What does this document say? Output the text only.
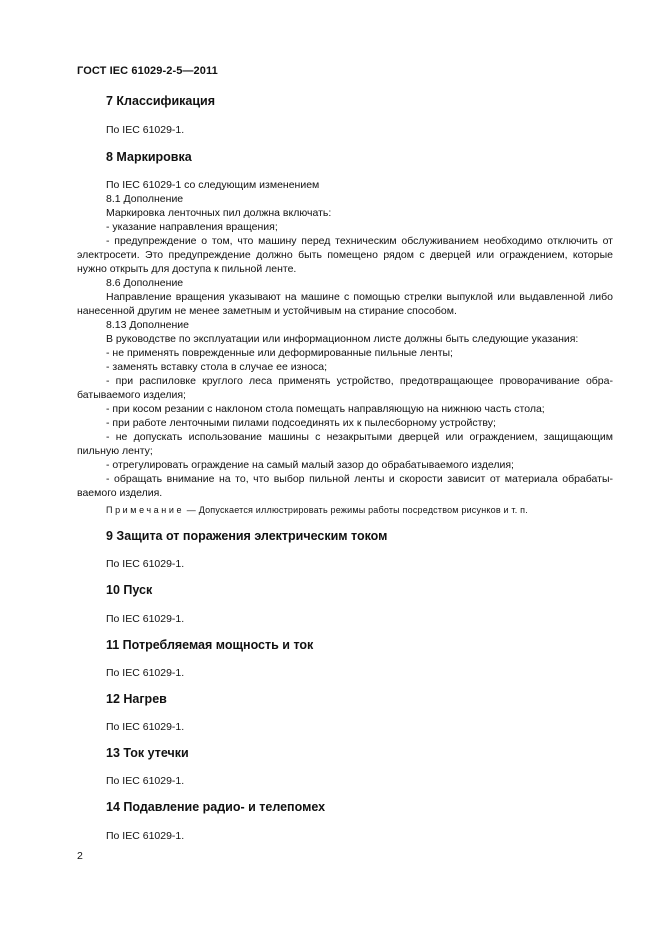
ГОСТ IEC 61029-2-5—2011
7 Классификация
По IEC 61029-1.
8 Маркировка
По IEC 61029-1 со следующим изменением
8.1 Дополнение
Маркировка ленточных пил должна включать:
- указание направления вращения;
- предупреждение о том, что машину перед техническим обслуживанием необходимо отключить от электросети. Это предупреждение должно быть помещено рядом с дверцей или ограждением, которые нужно открыть для доступа к пильной ленте.
8.6 Дополнение
Направление вращения указывают на машине с помощью стрелки выпуклой или выдавленной либо нанесенной другим не менее заметным и устойчивым на стирание способом.
8.13 Дополнение
В руководстве по эксплуатации или информационном листе должны быть следующие указания:
- не применять поврежденные или деформированные пильные ленты;
- заменять вставку стола в случае ее износа;
- при распиловке круглого леса применять устройство, предотвращающее проворачивание обрабатываемого изделия;
- при косом резании с наклоном стола помещать направляющую на нижнюю часть стола;
- при работе ленточными пилами подсоединять их к пылесборному устройству;
- не допускать использование машины с незакрытыми дверцей или ограждением, защищающим пильную ленту;
- отрегулировать ограждение на самый малый зазор до обрабатываемого изделия;
- обращать внимание на то, что выбор пильной ленты и скорости зависит от материала обрабатываемого изделия.
Примечание — Допускается иллюстрировать режимы работы посредством рисунков и т. п.
9 Защита от поражения электрическим током
По IEC 61029-1.
10 Пуск
По IEC 61029-1.
11 Потребляемая мощность и ток
По IEC 61029-1.
12 Нагрев
По IEC 61029-1.
13 Ток утечки
По IEC 61029-1.
14 Подавление радио- и телепомех
По IEC 61029-1.
2
